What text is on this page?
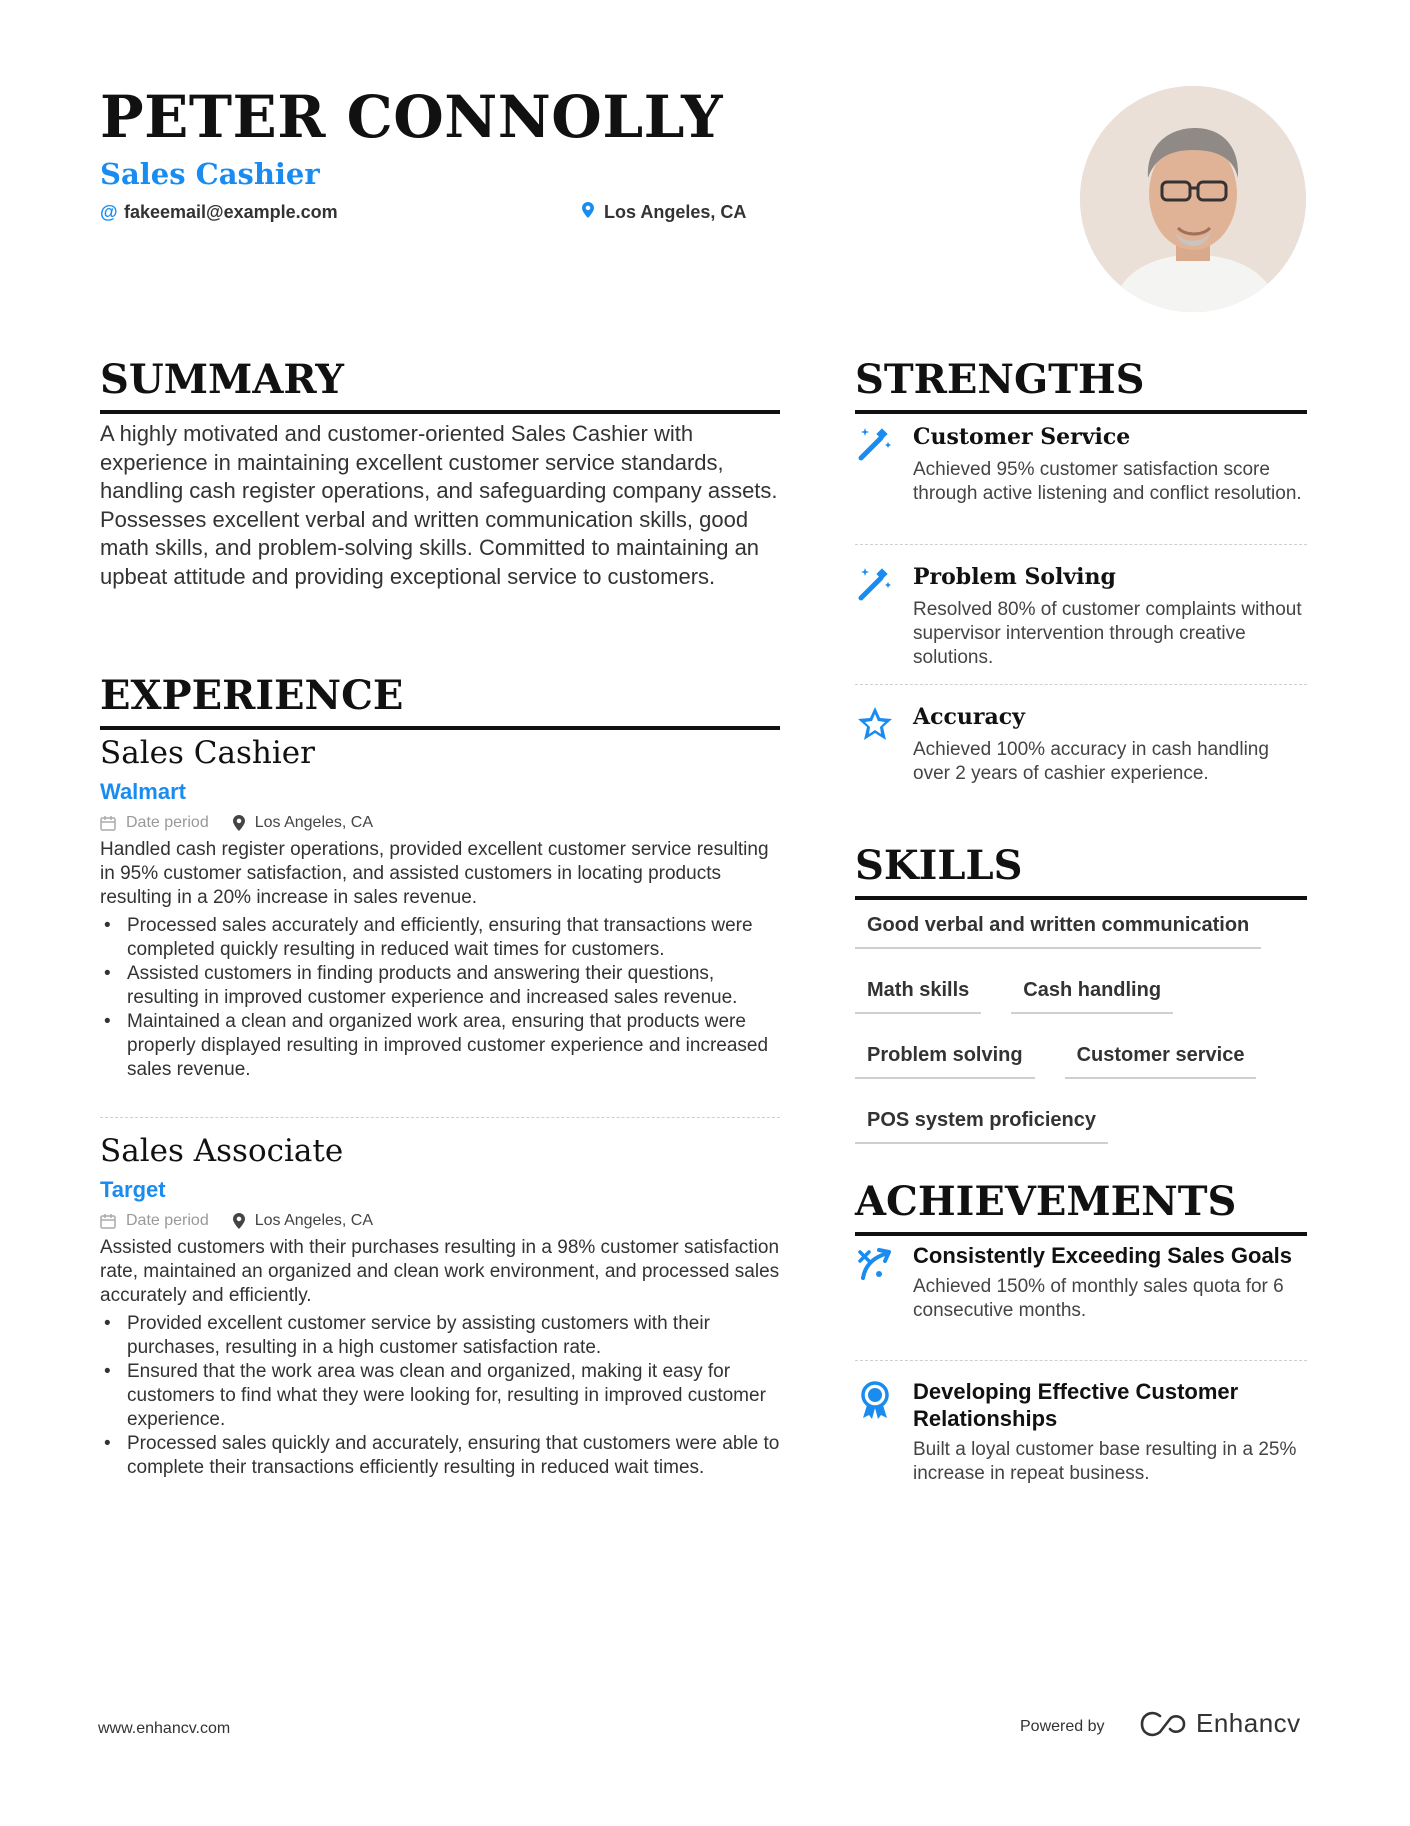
PETER CONNOLLY
Sales Cashier
@ fakeemail@example.com	Los Angeles, CA
SUMMARY
A highly motivated and customer-oriented Sales Cashier with experience in maintaining excellent customer service standards, handling cash register operations, and safeguarding company assets. Possesses excellent verbal and written communication skills, good math skills, and problem-solving skills. Committed to maintaining an upbeat attitude and providing exceptional service to customers.
EXPERIENCE
Sales Cashier
Walmart
Date period	Los Angeles, CA
Handled cash register operations, provided excellent customer service resulting in 95% customer satisfaction, and assisted customers in locating products resulting in a 20% increase in sales revenue.
• Processed sales accurately and efficiently, ensuring that transactions were completed quickly resulting in reduced wait times for customers.
• Assisted customers in finding products and answering their questions, resulting in improved customer experience and increased sales revenue.
• Maintained a clean and organized work area, ensuring that products were properly displayed resulting in improved customer experience and increased sales revenue.
Sales Associate
Target
Date period	Los Angeles, CA
Assisted customers with their purchases resulting in a 98% customer satisfaction rate, maintained an organized and clean work environment, and processed sales accurately and efficiently.
• Provided excellent customer service by assisting customers with their purchases, resulting in a high customer satisfaction rate.
• Ensured that the work area was clean and organized, making it easy for customers to find what they were looking for, resulting in improved customer experience.
• Processed sales quickly and accurately, ensuring that customers were able to complete their transactions efficiently resulting in reduced wait times.
STRENGTHS
Customer Service
Achieved 95% customer satisfaction score through active listening and conflict resolution.
Problem Solving
Resolved 80% of customer complaints without supervisor intervention through creative solutions.
Accuracy
Achieved 100% accuracy in cash handling over 2 years of cashier experience.
SKILLS
Good verbal and written communication
Math skills	Cash handling
Problem solving	Customer service
POS system proficiency
ACHIEVEMENTS
Consistently Exceeding Sales Goals
Achieved 150% of monthly sales quota for 6 consecutive months.
Developing Effective Customer Relationships
Built a loyal customer base resulting in a 25% increase in repeat business.
www.enhancv.com	Powered by	Enhancv
